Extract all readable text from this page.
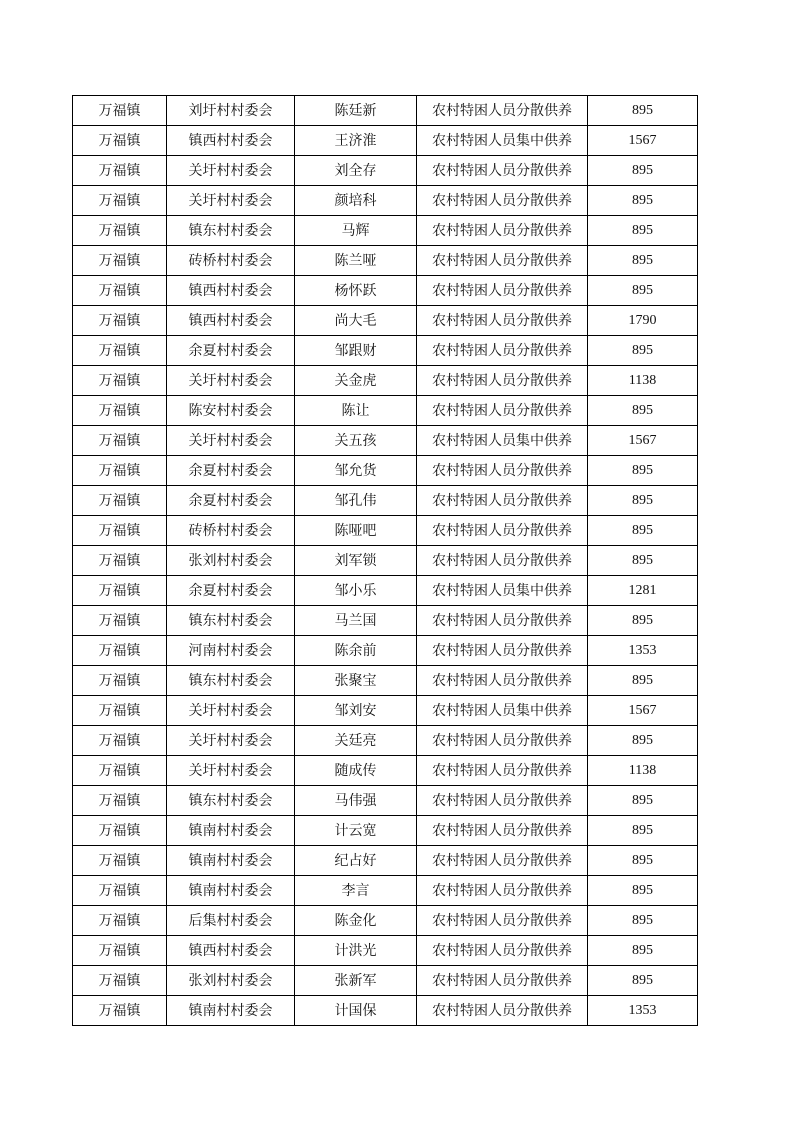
万福镇	刘圩村村委会	陈廷新	农村特困人员分散供养	895
万福镇	镇西村村委会	王济淮	农村特困人员集中供养	1567
万福镇	关圩村村委会	刘全存	农村特困人员分散供养	895
万福镇	关圩村村委会	颜培科	农村特困人员分散供养	895
万福镇	镇东村村委会	马辉	农村特困人员分散供养	895
万福镇	砖桥村村委会	陈兰哑	农村特困人员分散供养	895
万福镇	镇西村村委会	杨怀跃	农村特困人员分散供养	895
万福镇	镇西村村委会	尚大毛	农村特困人员分散供养	1790
万福镇	余夏村村委会	邹跟财	农村特困人员分散供养	895
万福镇	关圩村村委会	关金虎	农村特困人员分散供养	1138
万福镇	陈安村村委会	陈让	农村特困人员分散供养	895
万福镇	关圩村村委会	关五孩	农村特困人员集中供养	1567
万福镇	余夏村村委会	邹允货	农村特困人员分散供养	895
万福镇	余夏村村委会	邹孔伟	农村特困人员分散供养	895
万福镇	砖桥村村委会	陈哑吧	农村特困人员分散供养	895
万福镇	张刘村村委会	刘军锁	农村特困人员分散供养	895
万福镇	余夏村村委会	邹小乐	农村特困人员集中供养	1281
万福镇	镇东村村委会	马兰国	农村特困人员分散供养	895
万福镇	河南村村委会	陈余前	农村特困人员分散供养	1353
万福镇	镇东村村委会	张聚宝	农村特困人员分散供养	895
万福镇	关圩村村委会	邹刘安	农村特困人员集中供养	1567
万福镇	关圩村村委会	关廷亮	农村特困人员分散供养	895
万福镇	关圩村村委会	随成传	农村特困人员分散供养	1138
万福镇	镇东村村委会	马伟强	农村特困人员分散供养	895
万福镇	镇南村村委会	计云宽	农村特困人员分散供养	895
万福镇	镇南村村委会	纪占好	农村特困人员分散供养	895
万福镇	镇南村村委会	李言	农村特困人员分散供养	895
万福镇	后集村村委会	陈金化	农村特困人员分散供养	895
万福镇	镇西村村委会	计洪光	农村特困人员分散供养	895
万福镇	张刘村村委会	张新军	农村特困人员分散供养	895
万福镇	镇南村村委会	计国保	农村特困人员分散供养	1353
